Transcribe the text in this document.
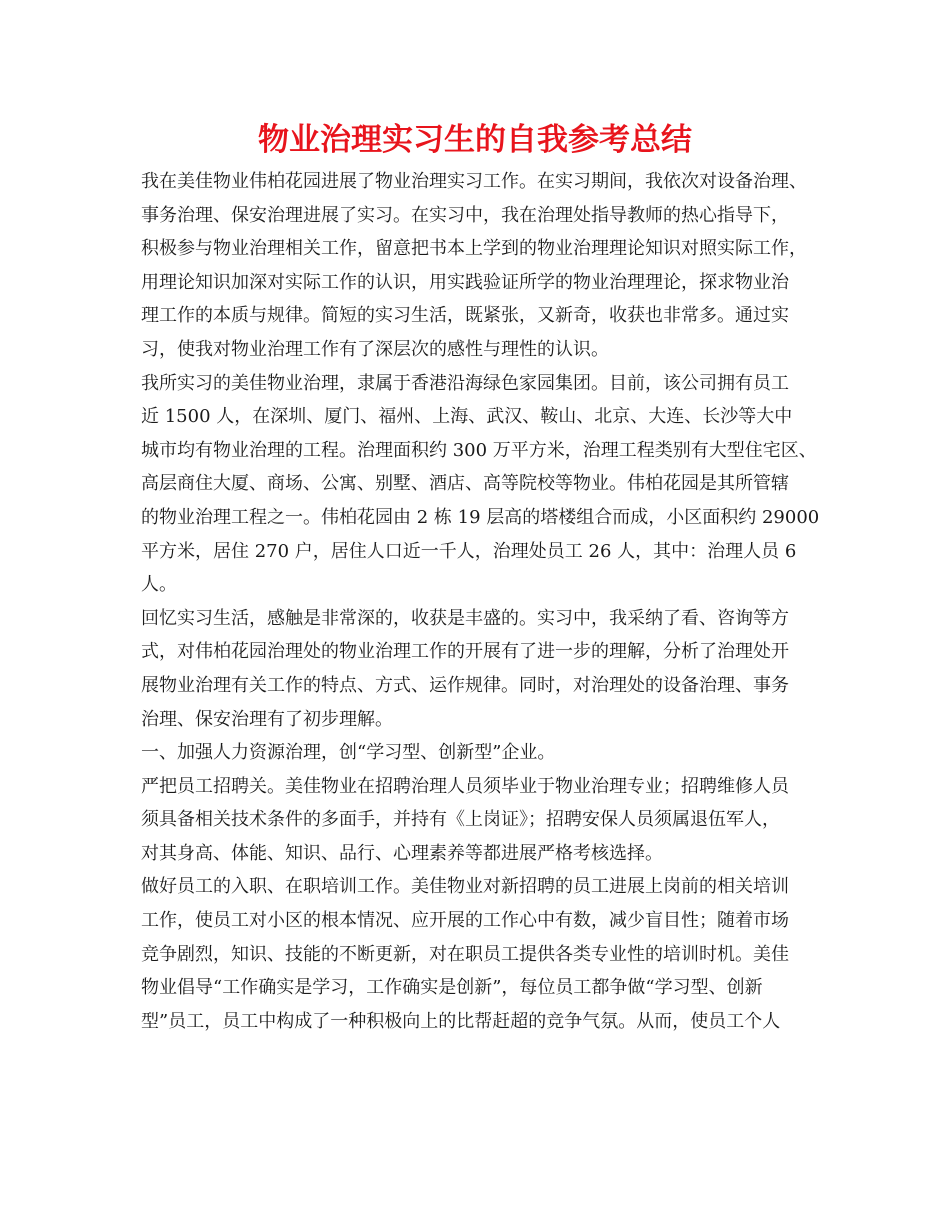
物业治理实习生的自我参考总结
我在美佳物业伟柏花园进展了物业治理实习工作。在实习期间，我依次对设备治理、
事务治理、保安治理进展了实习。在实习中，我在治理处指导教师的热心指导下，
积极参与物业治理相关工作，留意把书本上学到的物业治理理论知识对照实际工作，
用理论知识加深对实际工作的认识，用实践验证所学的物业治理理论，探求物业治
理工作的本质与规律。简短的实习生活，既紧张，又新奇，收获也非常多。通过实
习，使我对物业治理工作有了深层次的感性与理性的认识。
我所实习的美佳物业治理，隶属于香港沿海绿色家园集团。目前，该公司拥有员工
近 1500 人，在深圳、厦门、福州、上海、武汉、鞍山、北京、大连、长沙等大中
城市均有物业治理的工程。治理面积约 300 万平方米，治理工程类别有大型住宅区、
高层商住大厦、商场、公寓、别墅、酒店、高等院校等物业。伟柏花园是其所管辖
的物业治理工程之一。伟柏花园由 2 栋 19 层高的塔楼组合而成，小区面积约 29000
平方米，居住 270 户，居住人口近一千人，治理处员工 26 人，其中：治理人员 6
人。
回忆实习生活，感触是非常深的，收获是丰盛的。实习中，我采纳了看、咨询等方
式，对伟柏花园治理处的物业治理工作的开展有了进一步的理解，分析了治理处开
展物业治理有关工作的特点、方式、运作规律。同时，对治理处的设备治理、事务
治理、保安治理有了初步理解。
一、加强人力资源治理，创“学习型、创新型”企业。
严把员工招聘关。美佳物业在招聘治理人员须毕业于物业治理专业；招聘维修人员
须具备相关技术条件的多面手，并持有《上岗证》；招聘安保人员须属退伍军人，
对其身高、体能、知识、品行、心理素养等都进展严格考核选择。
做好员工的入职、在职培训工作。美佳物业对新招聘的员工进展上岗前的相关培训
工作，使员工对小区的根本情况、应开展的工作心中有数，减少盲目性；随着市场
竞争剧烈，知识、技能的不断更新，对在职员工提供各类专业性的培训时机。美佳
物业倡导“工作确实是学习，工作确实是创新”，每位员工都争做“学习型、创新
型”员工，员工中构成了一种积极向上的比帮赶超的竞争气氛。从而，使员工个人
